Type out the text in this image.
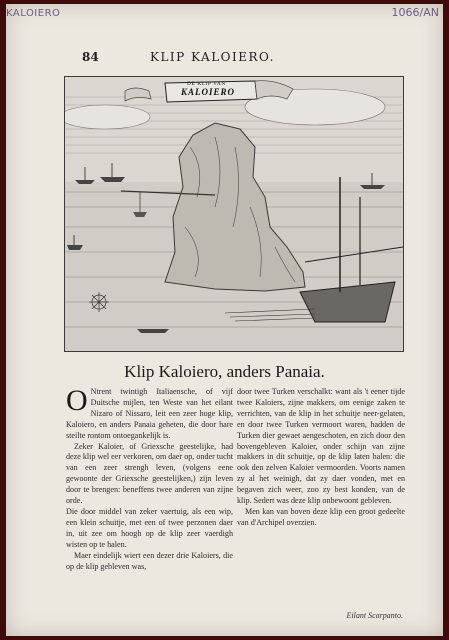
KALOIERO	1066/AN
84	KLIP KALOIERO.
DE KLIP VAN
KALOIERO
Klip Kaloiero, anders Panaia.
O Ntrent twintigh Italiaensche, of vijf Duitsche mijlen, ten Weste van het eilant Nizaro of Nissaro, leit een zeer hoge klip, Kaloiero, en anders Panaia geheten, die door hare steilte rontom ontoegankelijk is.

Zeker Kaloier, of Griexsche geestelijke, had deze klip wel eer verkoren, om daer op, onder tucht van een zeer strengh leven, (volgens eene gewoonte der Griexsche geestelijken,) zijn leven door te brengen: beneffens twee anderen van zijne orde.

Die door middel van zeker vaertuig, als een wip, een klein schuitje, met een of twee perzonen daer in, uit zee om hoogh op de klip zeer vaerdigh wisten op te halen.

Maer eindelijk wiert een dezer drie Kaloiers, die op de klip gebleven was,

door twee Turken verschalkt: want als 't eener tijde twee Kaloiers, zijne makkers, om eenige zaken te verrichten, van de klip in het schuitje neer-gelaten, en door twee Turken vermoort waren, hadden de Turken dier gewaet aengeschoten, en zich door den bovengebleven Kaloier, onder schijn van zijne makkers in dit schuitje, op de klip laten halen: die ook den zelven Kaloier vermoorden. Voorts namen zy al het weinigh, dat zy daer vonden, met en begaven zich weer, zoo zy best konden, van de klip. Sedert was deze klip onbewoont gebleven.

Men kan van boven deze klip een groot gedeelte van d'Archipel overzien.

Eilant Scarpanto.
